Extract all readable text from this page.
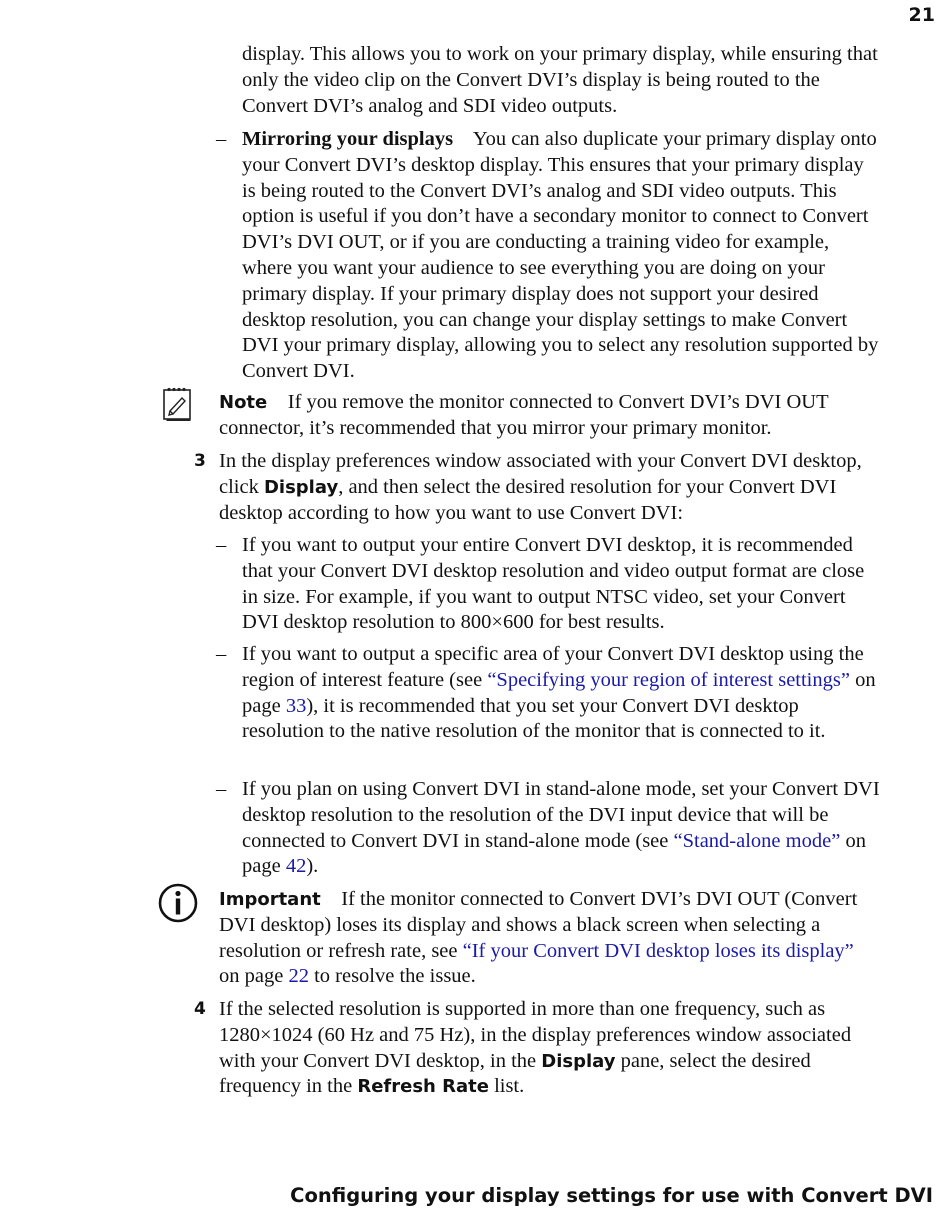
21

display. This allows you to work on your primary display, while ensuring that only the video clip on the Convert DVI’s display is being routed to the Convert DVI’s analog and SDI video outputs.

– Mirroring your displays You can also duplicate your primary display onto your Convert DVI’s desktop display. This ensures that your primary display is being routed to the Convert DVI’s analog and SDI video outputs. This option is useful if you don’t have a secondary monitor to connect to Convert DVI’s DVI OUT, or if you are conducting a training video for example, where you want your audience to see everything you are doing on your primary display. If your primary display does not support your desired desktop resolution, you can change your display settings to make Convert DVI your primary display, allowing you to select any resolution supported by Convert DVI.

Note If you remove the monitor connected to Convert DVI’s DVI OUT connector, it’s recommended that you mirror your primary monitor.

3 In the display preferences window associated with your Convert DVI desktop, click Display, and then select the desired resolution for your Convert DVI desktop according to how you want to use Convert DVI:

– If you want to output your entire Convert DVI desktop, it is recommended that your Convert DVI desktop resolution and video output format are close in size. For example, if you want to output NTSC video, set your Convert DVI desktop resolution to 800×600 for best results.

– If you want to output a specific area of your Convert DVI desktop using the region of interest feature (see “Specifying your region of interest settings” on page 33), it is recommended that you set your Convert DVI desktop resolution to the native resolution of the monitor that is connected to it.

– If you plan on using Convert DVI in stand-alone mode, set your Convert DVI desktop resolution to the resolution of the DVI input device that will be connected to Convert DVI in stand-alone mode (see “Stand-alone mode” on page 42).

Important If the monitor connected to Convert DVI’s DVI OUT (Convert DVI desktop) loses its display and shows a black screen when selecting a resolution or refresh rate, see “If your Convert DVI desktop loses its display”
on page 22 to resolve the issue.

4 If the selected resolution is supported in more than one frequency, such as 1280×1024 (60 Hz and 75 Hz), in the display preferences window associated with your Convert DVI desktop, in the Display pane, select the desired frequency in the Refresh Rate list.

Configuring your display settings for use with Convert DVI
